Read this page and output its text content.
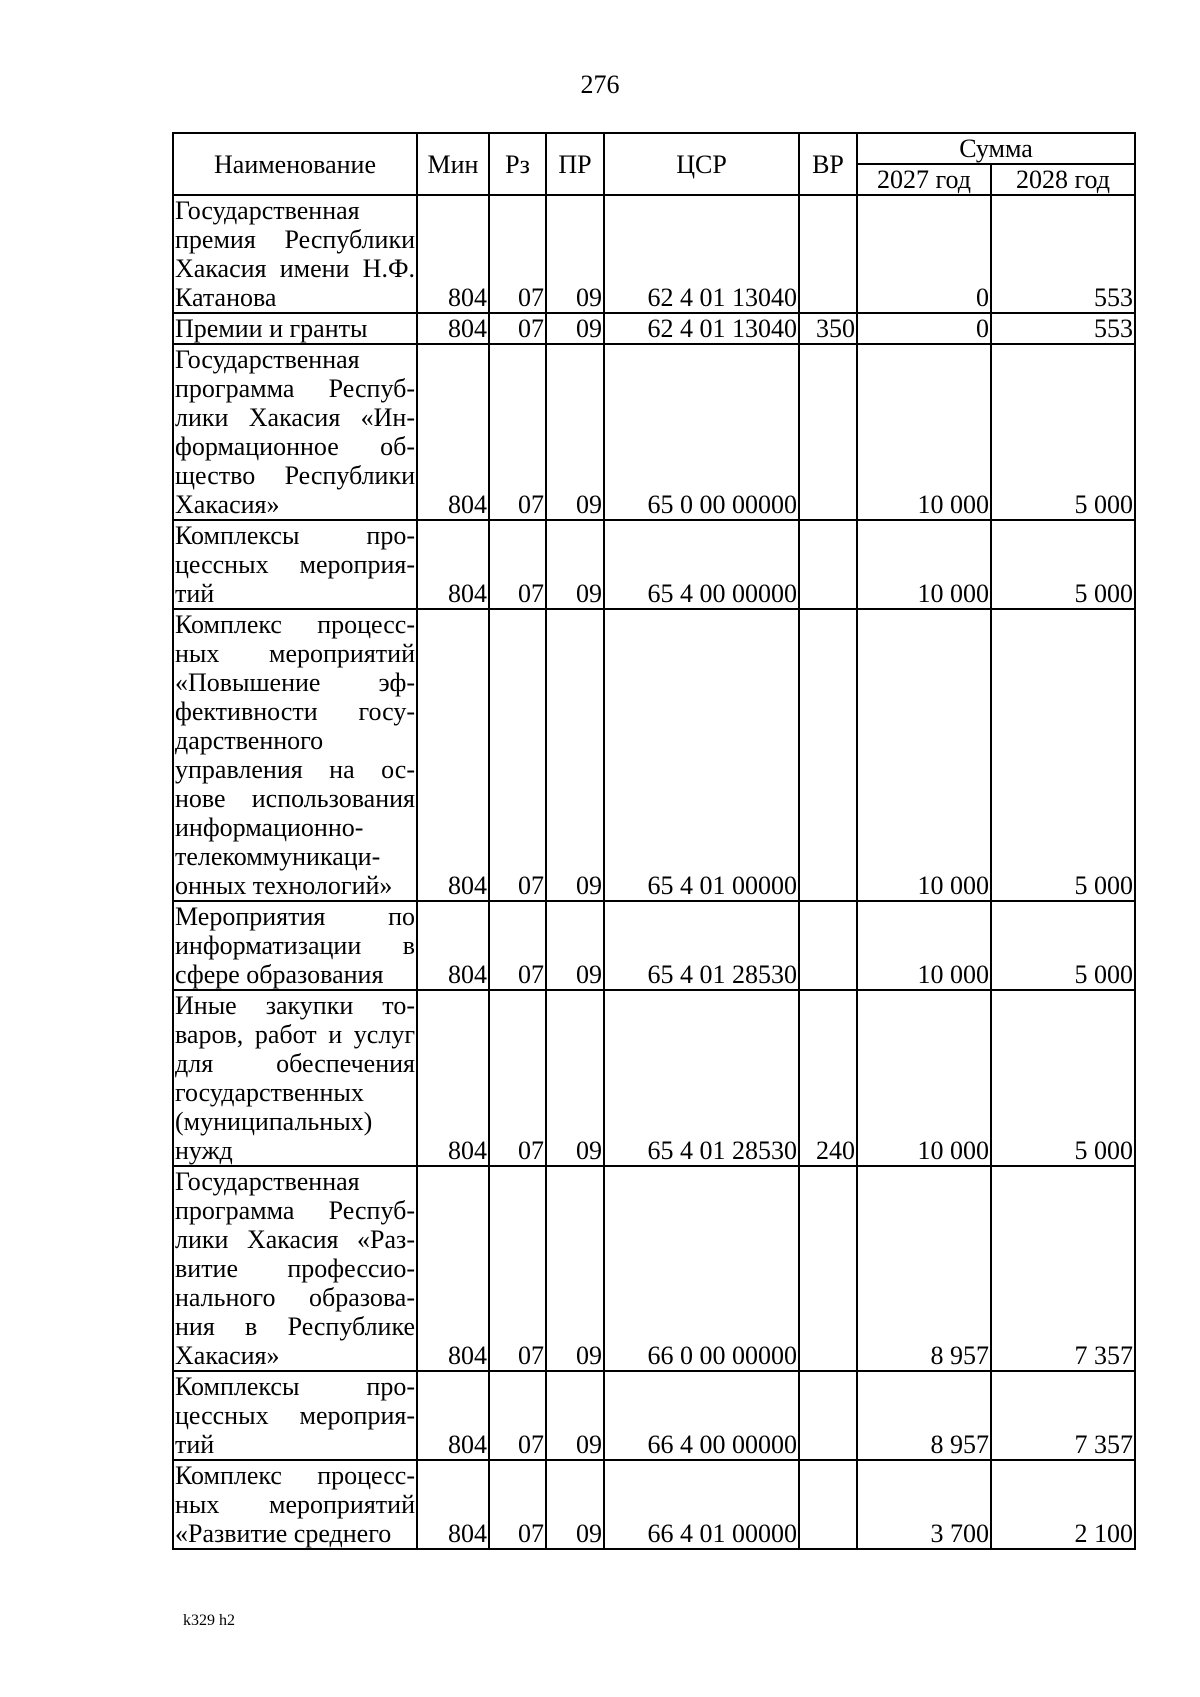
276
Наименование	Мин	Рз	ПР	ЦСР	ВР	Сумма	
						2027 год	2028 год
Государственная премия Республики Хакасия имени Н.Ф. Катанова	804	07	09	62 4 01 13040		0	553
Премии и гранты	804	07	09	62 4 01 13040	350	0	553
Государственная программа Республики Хакасия «Информационное общество Республики Хакасия»	804	07	09	65 0 00 00000		10 000	5 000
Комплексы процессных мероприятий	804	07	09	65 4 00 00000		10 000	5 000
Комплекс процессных мероприятий «Повышение эффективности государственного управления на основе использования информационно-телекоммуникационных технологий»	804	07	09	65 4 01 00000		10 000	5 000
Мероприятия по информатизации в сфере образования	804	07	09	65 4 01 28530		10 000	5 000
Иные закупки товаров, работ и услуг для обеспечения государственных (муниципальных) нужд	804	07	09	65 4 01 28530	240	10 000	5 000
Государственная программа Республики Хакасия «Развитие профессионального образования в Республике Хакасия»	804	07	09	66 0 00 00000		8 957	7 357
Комплексы процессных мероприятий	804	07	09	66 4 00 00000		8 957	7 357
Комплекс процессных мероприятий «Развитие среднего	804	07	09	66 4 01 00000		3 700	2 100
k329 h2
